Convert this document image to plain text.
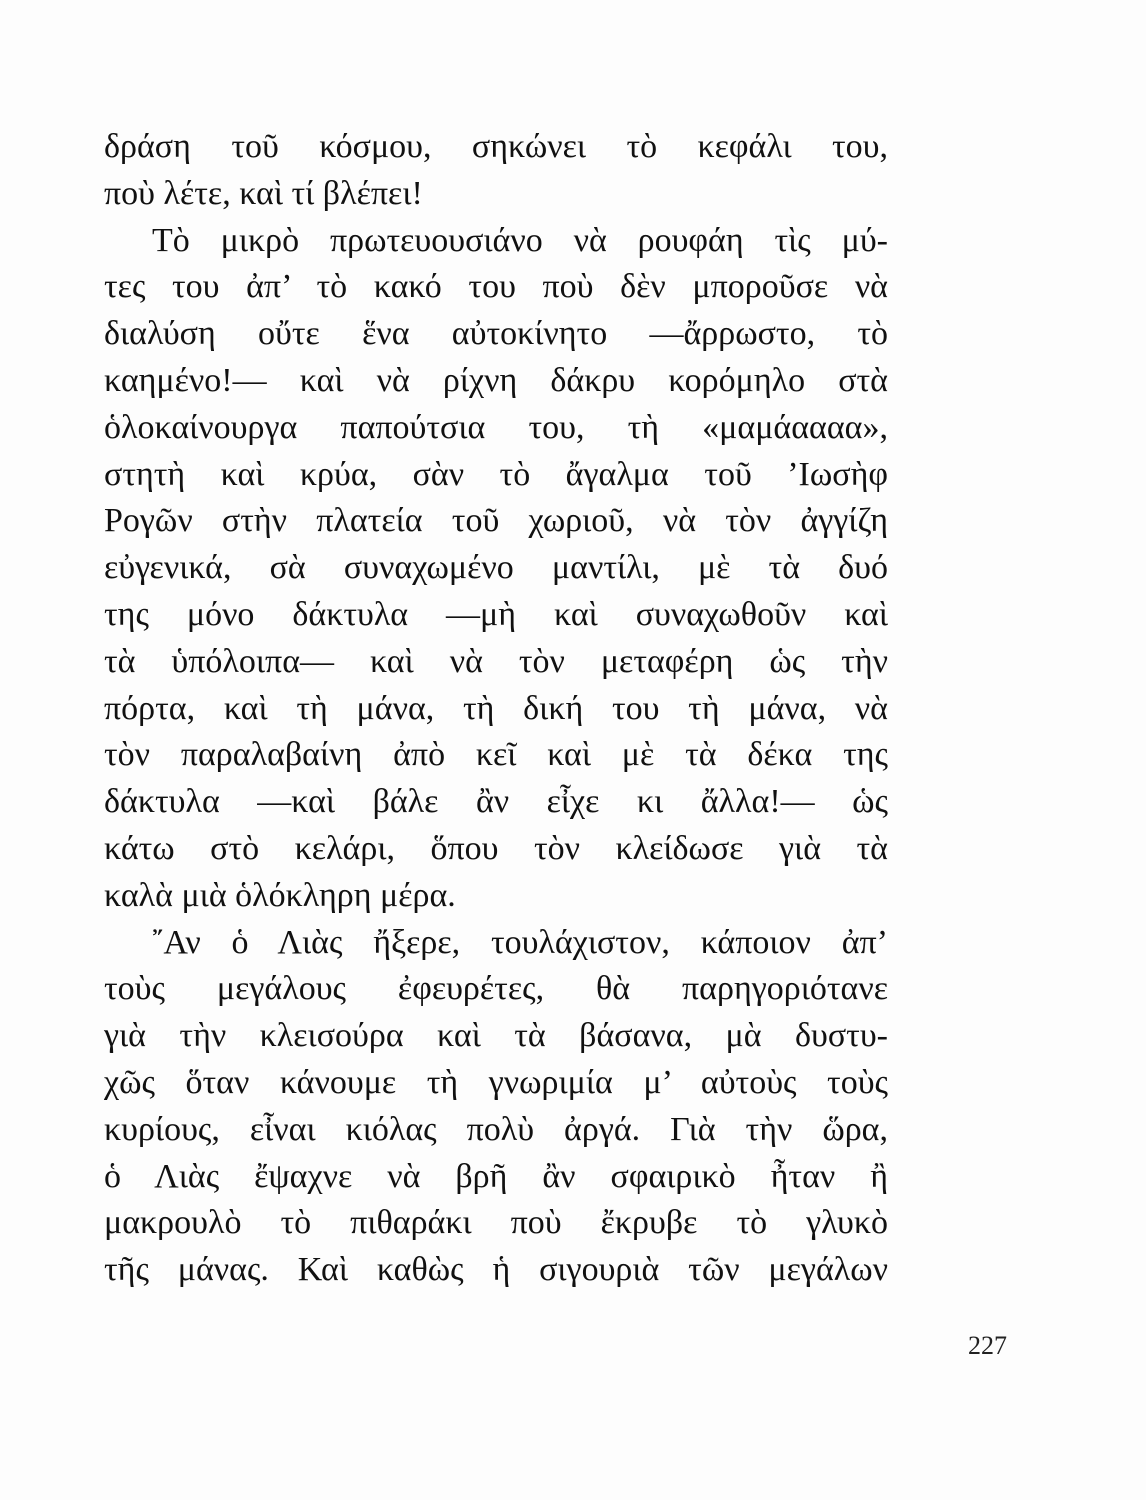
δράση τοῦ κόσμου, σηκώνει τὸ κεφάλι του,
ποὺ λέτε, καὶ τί βλέπει!
Τὸ μικρὸ πρωτευουσιάνο νὰ ρουφάη τὶς μύ-
τες του ἀπ’ τὸ κακό του ποὺ δὲν μποροῦσε νὰ
διαλύση οὔτε ἕνα αὐτοκίνητο —ἄρρωστο, τὸ
καημένο!— καὶ νὰ ρίχνη δάκρυ κορόμηλο στὰ
ὁλοκαίνουργα παπούτσια του, τὴ «μαμάαααα»,
στητὴ καὶ κρύα, σὰν τὸ ἄγαλμα τοῦ ’Ιωσὴφ
Ρογῶν στὴν πλατεία τοῦ χωριοῦ, νὰ τὸν ἀγγίζη
εὐγενικά, σὰ συναχωμένο μαντίλι, μὲ τὰ δυό
της μόνο δάκτυλα —μὴ καὶ συναχωθοῦν καὶ
τὰ ὑπόλοιπα— καὶ νὰ τὸν μεταφέρη ὡς τὴν
πόρτα, καὶ τὴ μάνα, τὴ δική του τὴ μάνα, νὰ
τὸν παραλαβαίνη ἀπὸ κεῖ καὶ μὲ τὰ δέκα της
δάκτυλα —καὶ βάλε ἂν εἶχε κι ἄλλα!— ὡς
κάτω στὸ κελάρι, ὅπου τὸν κλείδωσε γιὰ τὰ
καλὰ μιὰ ὁλόκληρη μέρα.
῎Αν ὁ Λιὰς ἤξερε, τουλάχιστον, κάποιον ἀπ’
τοὺς μεγάλους ἐφευρέτες, θὰ παρηγοριότανε
γιὰ τὴν κλεισούρα καὶ τὰ βάσανα, μὰ δυστυ-
χῶς ὅταν κάνουμε τὴ γνωριμία μ’ αὐτοὺς τοὺς
κυρίους, εἶναι κιόλας πολὺ ἀργά. Γιὰ τὴν ὥρα,
ὁ Λιὰς ἔψαχνε νὰ βρῆ ἂν σφαιρικὸ ἦταν ἢ
μακρουλὸ τὸ πιθαράκι ποὺ ἔκρυβε τὸ γλυκὸ
τῆς μάνας. Καὶ καθὼς ἡ σιγουριὰ τῶν μεγάλων
227
